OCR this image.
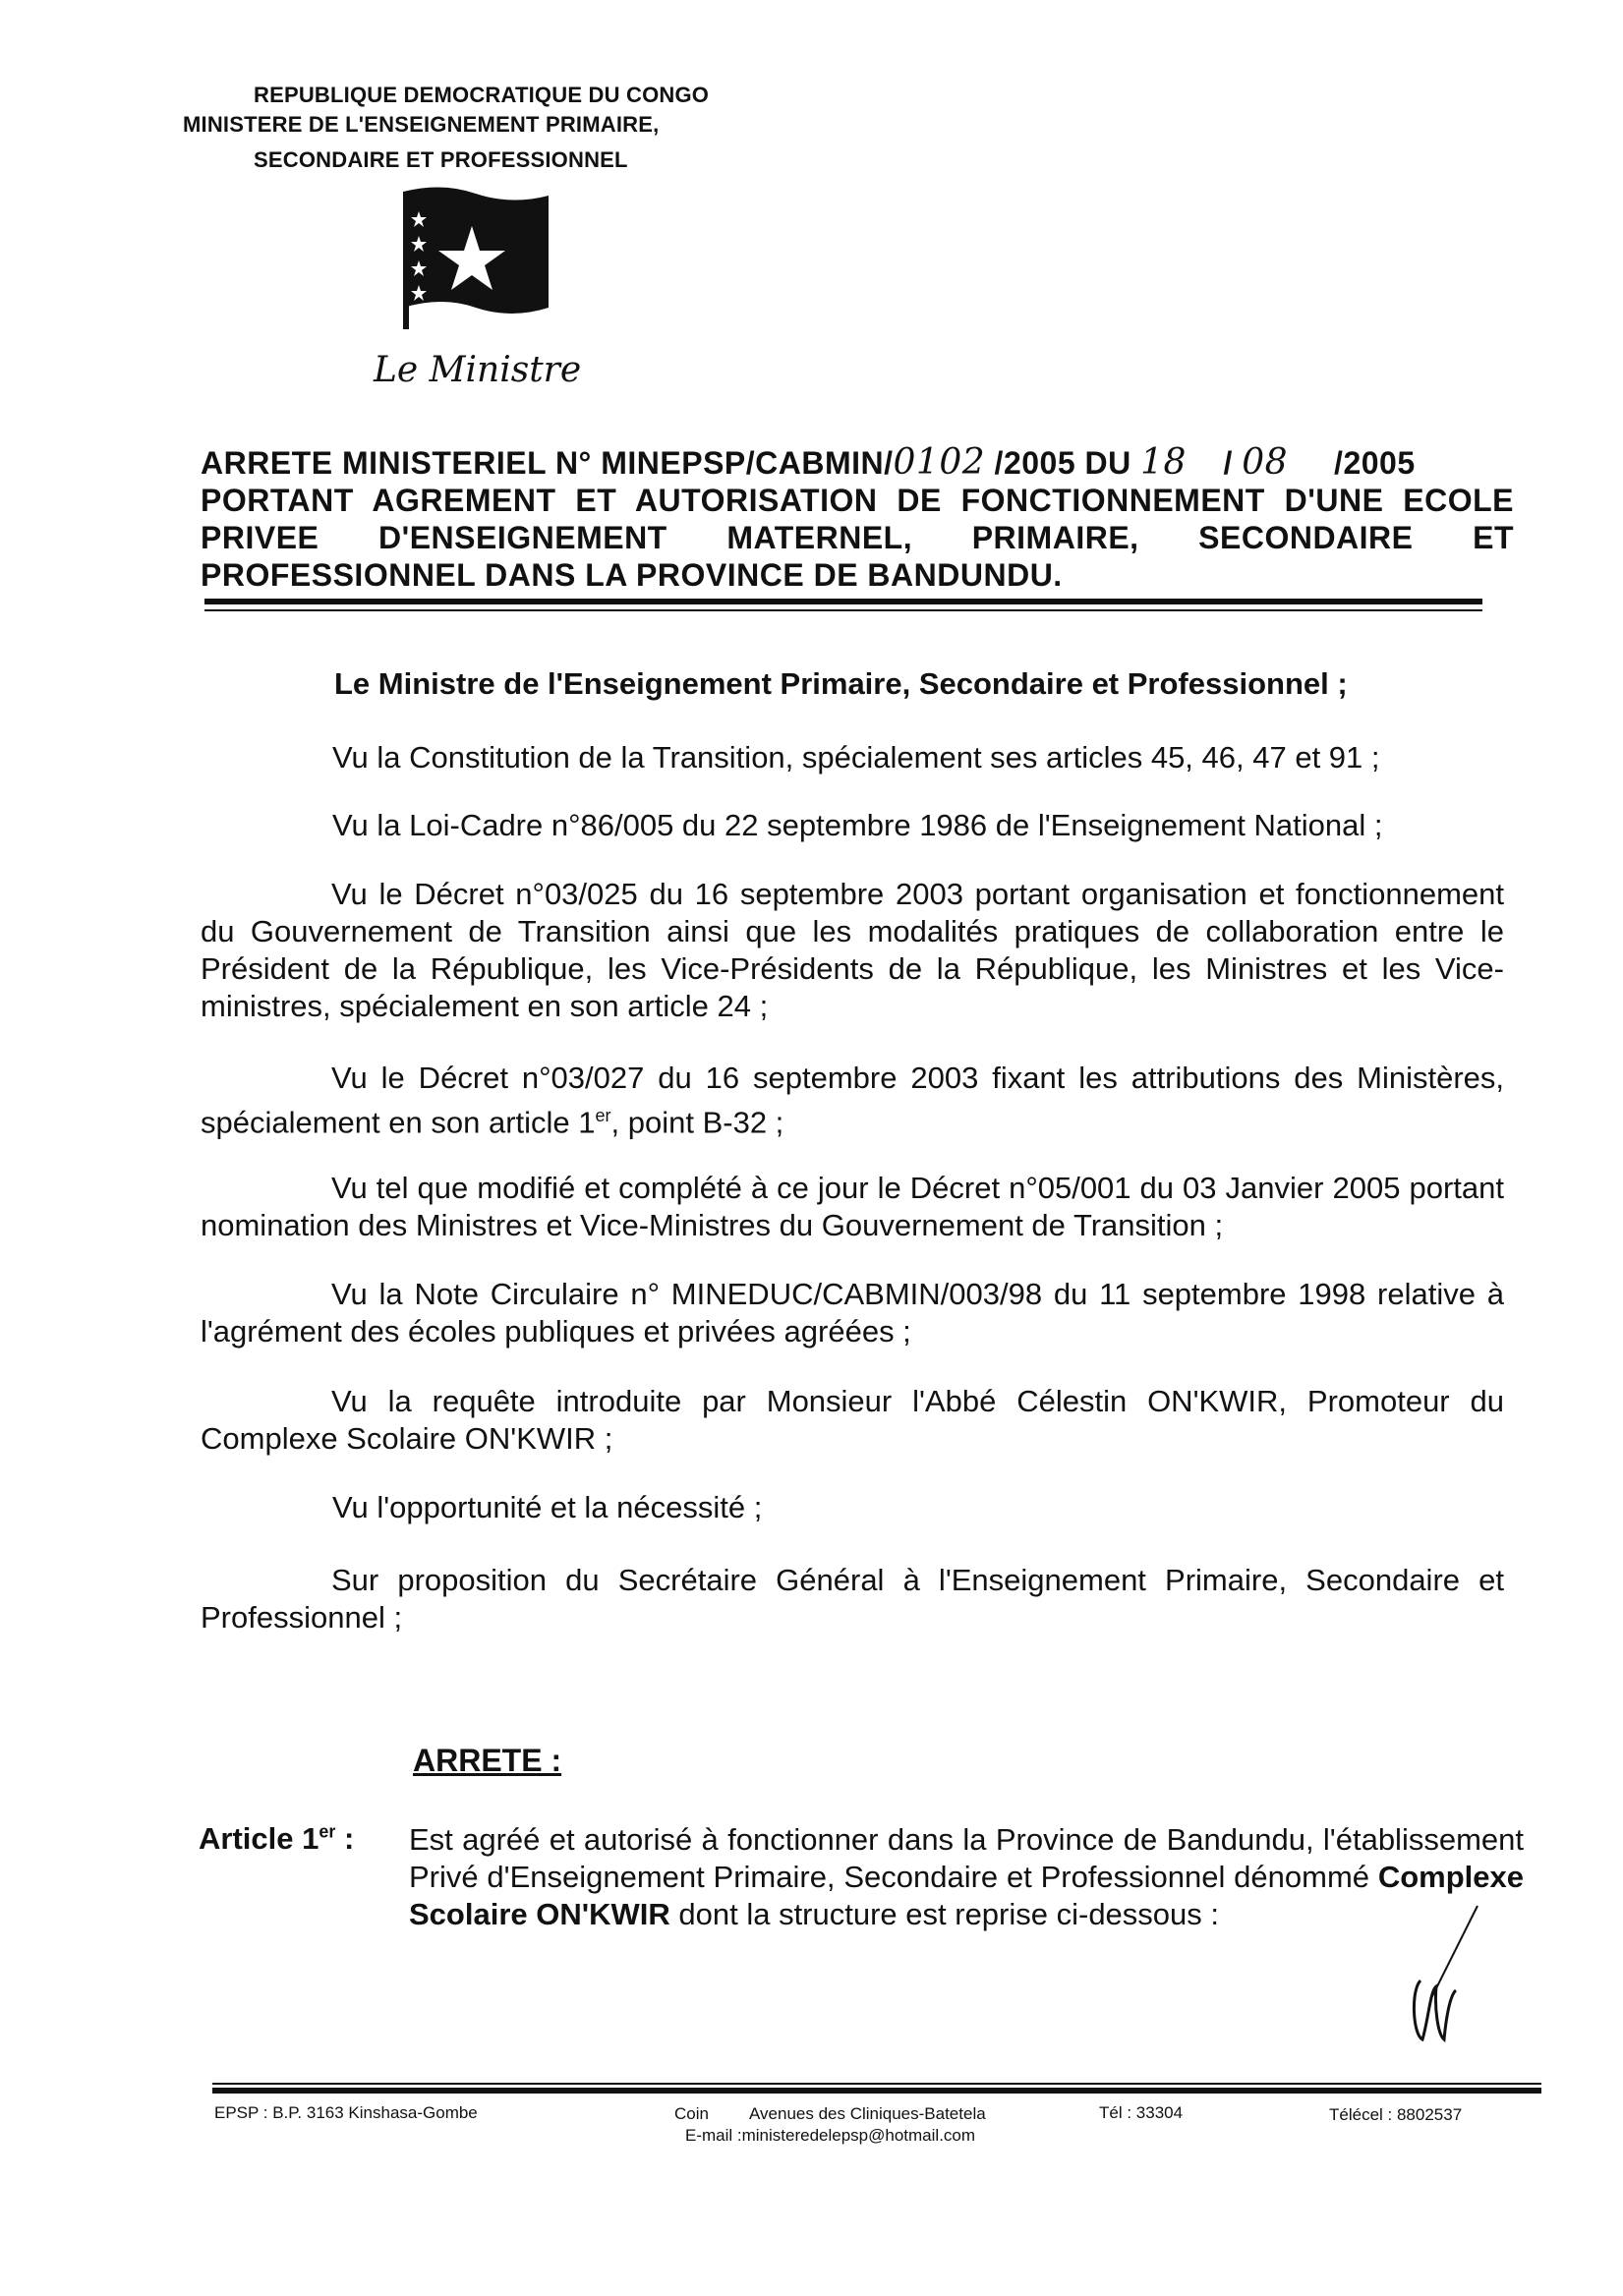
REPUBLIQUE DEMOCRATIQUE DU CONGO
MINISTERE DE L'ENSEIGNEMENT PRIMAIRE,
SECONDAIRE ET PROFESSIONNEL
Le Ministre
ARRETE MINISTERIEL N° MINEPSP/CABMIN/0102 /2005 DU 18 / 08 /2005
PORTANT AGREMENT ET AUTORISATION DE FONCTIONNEMENT D'UNE ECOLE
PRIVEE D'ENSEIGNEMENT MATERNEL, PRIMAIRE, SECONDAIRE ET
PROFESSIONNEL DANS LA PROVINCE DE BANDUNDU.
Le Ministre de l'Enseignement Primaire, Secondaire et Professionnel ;
Vu la Constitution de la Transition, spécialement ses articles 45, 46, 47 et 91 ;
Vu la Loi-Cadre n°86/005 du 22 septembre 1986 de l'Enseignement National ;
Vu le Décret n°03/025 du 16 septembre 2003 portant organisation et fonctionnement du Gouvernement de Transition ainsi que les modalités pratiques de collaboration entre le Président de la République, les Vice-Présidents de la République, les Ministres et les Vice-ministres, spécialement en son article 24 ;
Vu le Décret n°03/027 du 16 septembre 2003 fixant les attributions des Ministères, spécialement en son article 1er, point B-32 ;
Vu tel que modifié et complété à ce jour le Décret n°05/001 du 03 Janvier 2005 portant nomination des Ministres et Vice-Ministres du Gouvernement de Transition ;
Vu la Note Circulaire n° MINEDUC/CABMIN/003/98 du 11 septembre 1998 relative à l'agrément des écoles publiques et privées agréées ;
Vu la requête introduite par Monsieur l'Abbé Célestin ON'KWIR, Promoteur du Complexe Scolaire ON'KWIR ;
Vu l'opportunité et la nécessité ;
Sur proposition du Secrétaire Général à l'Enseignement Primaire, Secondaire et Professionnel ;
ARRETE :
Article 1er : Est agréé et autorisé à fonctionner dans la Province de Bandundu, l'établissement Privé d'Enseignement Primaire, Secondaire et Professionnel dénommé Complexe Scolaire ON'KWIR dont la structure est reprise ci-dessous :
EPSP : B.P. 3163 Kinshasa-Gombe	Coin Avenues des Cliniques-Batetela
E-mail :ministeredelepsp@hotmail.com
Tél : 33304	Télécel : 8802537
